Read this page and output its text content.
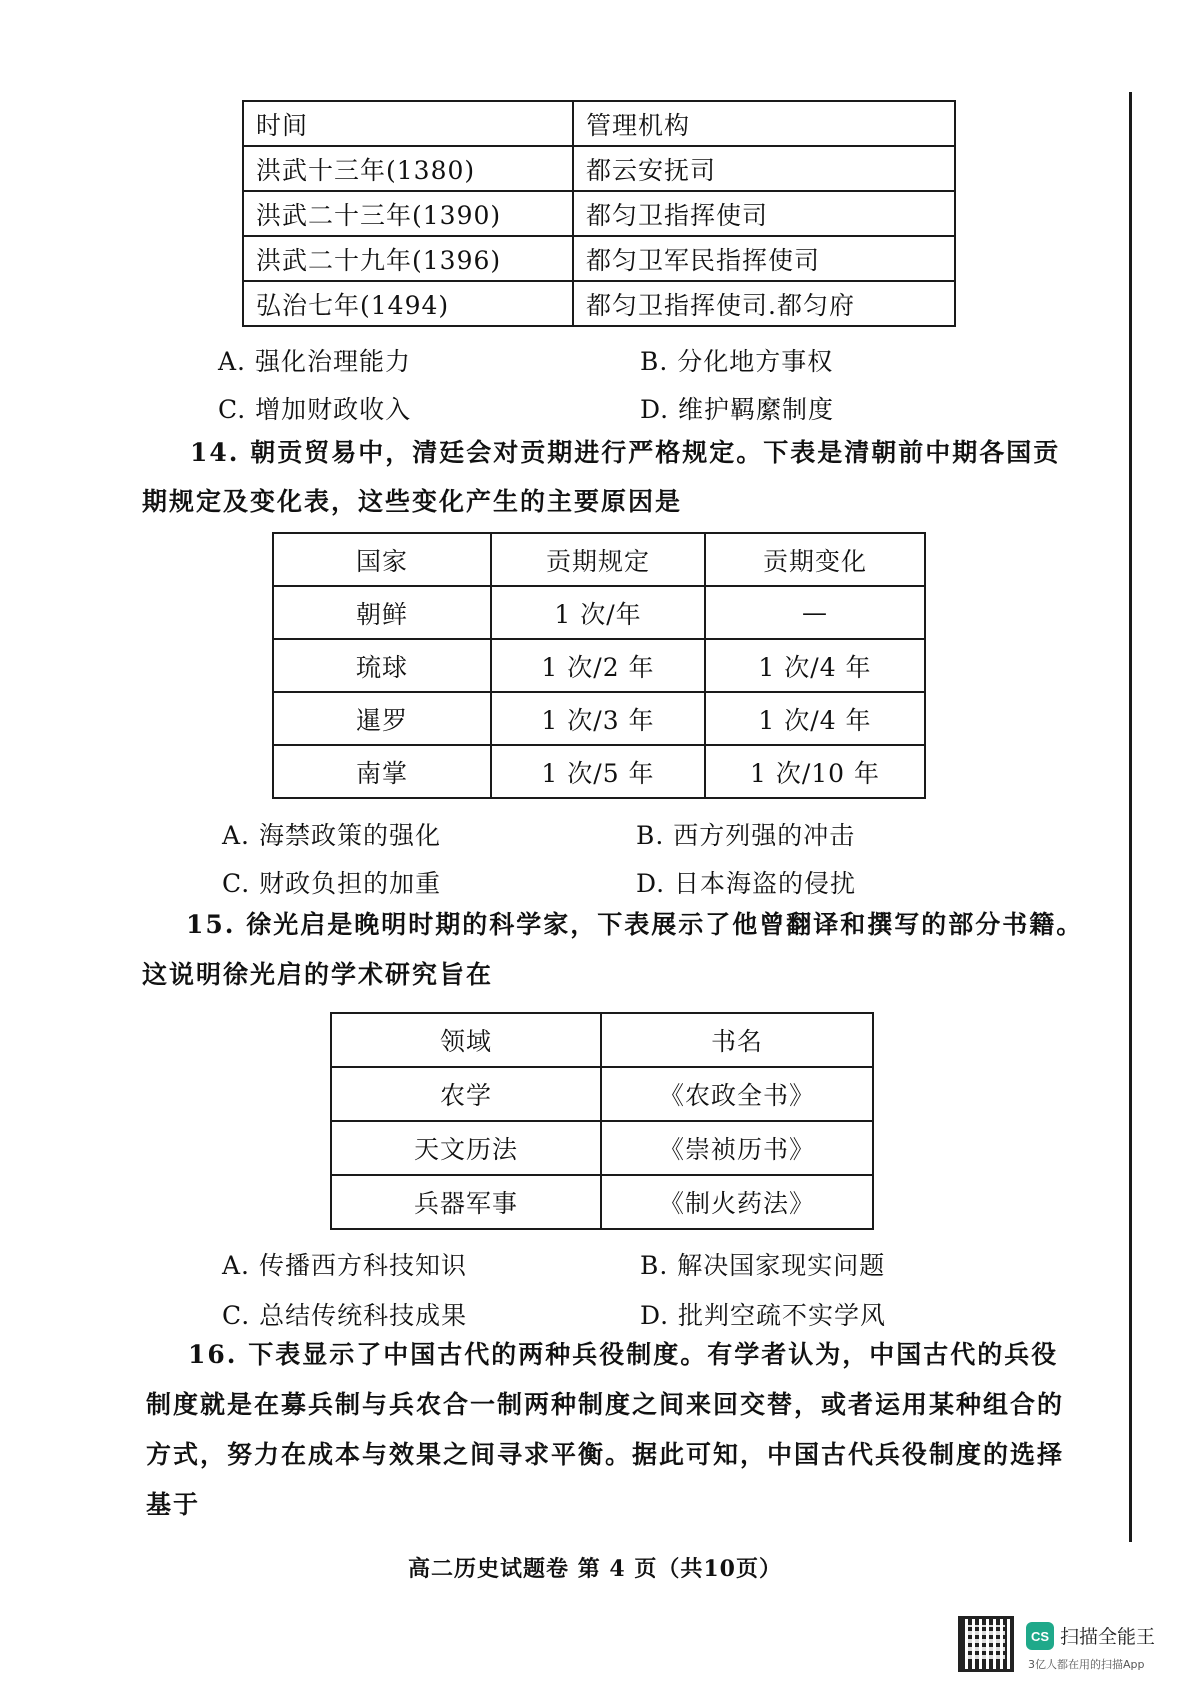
时间	管理机构
洪武十三年(1380)	都云安抚司
洪武二十三年(1390)	都匀卫指挥使司
洪武二十九年(1396)	都匀卫军民指挥使司
弘治七年(1494)	都匀卫指挥使司.都匀府
A. 强化治理能力	B. 分化地方事权
C. 增加财政收入	D. 维护羁縻制度
14. 朝贡贸易中，清廷会对贡期进行严格规定。下表是清朝前中期各国贡
期规定及变化表，这些变化产生的主要原因是
国家	贡期规定	贡期变化
朝鲜	1 次/年	—
琉球	1 次/2 年	1 次/4 年
暹罗	1 次/3 年	1 次/4 年
南掌	1 次/5 年	1 次/10 年
A. 海禁政策的强化	B. 西方列强的冲击
C. 财政负担的加重	D. 日本海盗的侵扰
15. 徐光启是晚明时期的科学家，下表展示了他曾翻译和撰写的部分书籍。
这说明徐光启的学术研究旨在
领域	书名
农学	《农政全书》
天文历法	《崇祯历书》
兵器军事	《制火药法》
A. 传播西方科技知识	B. 解决国家现实问题
C. 总结传统科技成果	D. 批判空疏不实学风
16. 下表显示了中国古代的两种兵役制度。有学者认为，中国古代的兵役
制度就是在募兵制与兵农合一制两种制度之间来回交替，或者运用某种组合的
方式，努力在成本与效果之间寻求平衡。据此可知，中国古代兵役制度的选择
基于
高二历史试题卷 第 4 页（共10页）
CS 扫描全能王
3亿人都在用的扫描App
